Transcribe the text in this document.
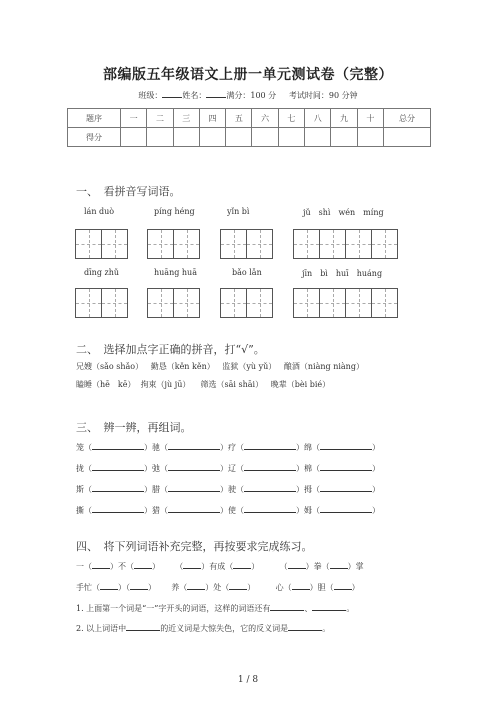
部编版五年级语文上册一单元测试卷（完整）
班级：	姓名：	满分：100 分 考试时间：90 分钟
题序	一	二	三	四	五	六	七	八	九	十	总分
得分											
一、　看拼音写词语。
lán duò	píng héng	yǐn bì	jǔ　shì　wén　míng
dīng zhǔ	huāng huā	bǎo lǎn	jīn　bì　huī　huáng
二、　选择加点字正确的拼音，打“√”。
兄嫂（sǎo shǎo） 勤恳（kěn kěn） 监狱（yù yǔ） 酿酒（niàng niàng）
瞌睡（hē　kē） 拘束（jù jū） 筛选（sāi shāi） 晚辈（bèi bié）
三、　辨一辨，再组词。
笼（	）驰（	）疗（	）绵（	）
拢（	）弛（	）辽（	）棉（	）
斯（	）腊（	）驶（	）拇（	）
撕（	）猎（	）使（	）姆（	）
四、　将下列词语补充完整，再按要求完成练习。
一（ ）不（ ） （ ）有成（ ）	（ ）拳（ ）掌
手忙（ ）（ ） 养（ ）处（ ）	心（ ）胆（ ）
1. 上面第一个词是“一”字开头的词语，这样的词语还有	、	。
2. 以上词语中	的近义词是大惊失色，它的反义词是	。
1 / 8
